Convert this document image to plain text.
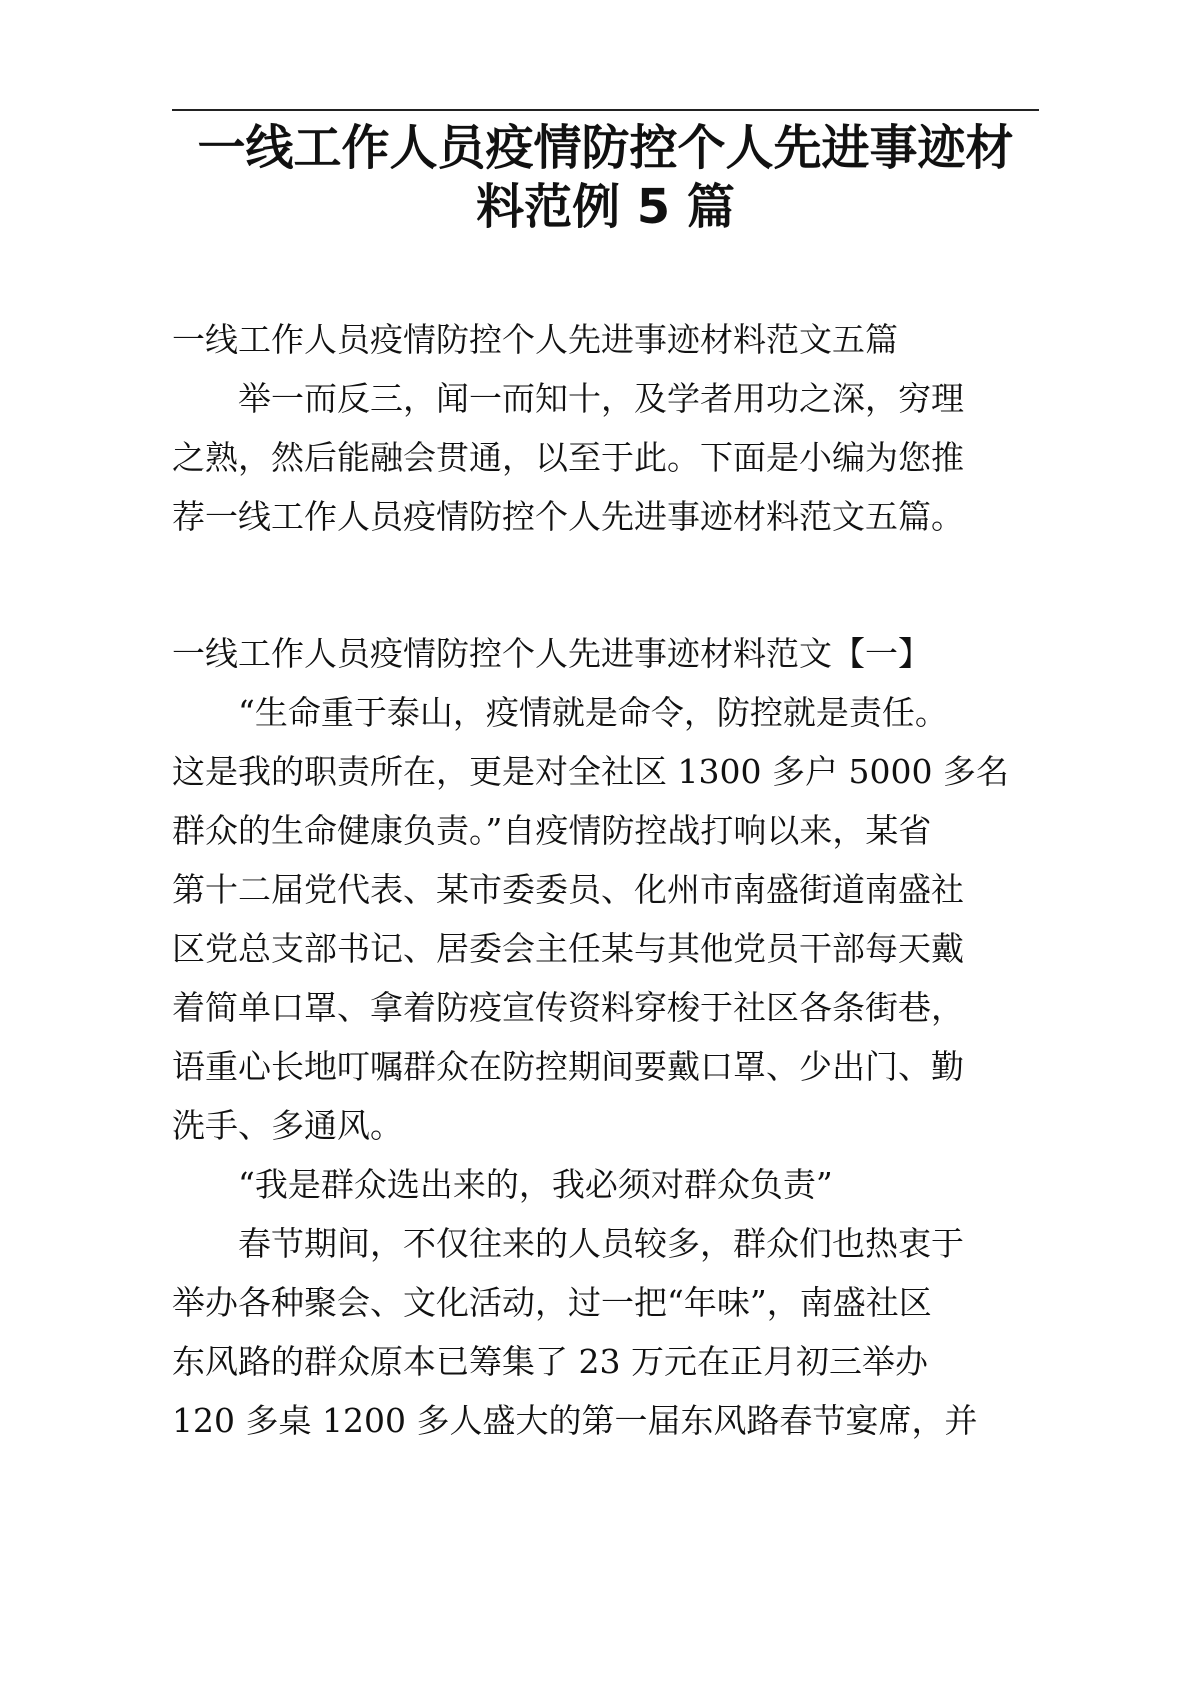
一线工作人员疫情防控个人先进事迹材
料范例 5 篇
一线工作人员疫情防控个人先进事迹材料范文五篇
举一而反三，闻一而知十，及学者用功之深，穷理
之熟，然后能融会贯通，以至于此。下面是小编为您推
荐一线工作人员疫情防控个人先进事迹材料范文五篇。
一线工作人员疫情防控个人先进事迹材料范文【一】
“生命重于泰山，疫情就是命令，防控就是责任。
这是我的职责所在，更是对全社区 1300 多户 5000 多名
群众的生命健康负责。”自疫情防控战打响以来，某省
第十二届党代表、某市委委员、化州市南盛街道南盛社
区党总支部书记、居委会主任某与其他党员干部每天戴
着简单口罩、拿着防疫宣传资料穿梭于社区各条街巷，
语重心长地叮嘱群众在防控期间要戴口罩、少出门、勤
洗手、多通风。
“我是群众选出来的，我必须对群众负责”
春节期间，不仅往来的人员较多，群众们也热衷于
举办各种聚会、文化活动，过一把“年味”，南盛社区
东风路的群众原本已筹集了 23 万元在正月初三举办
120 多桌 1200 多人盛大的第一届东风路春节宴席，并
